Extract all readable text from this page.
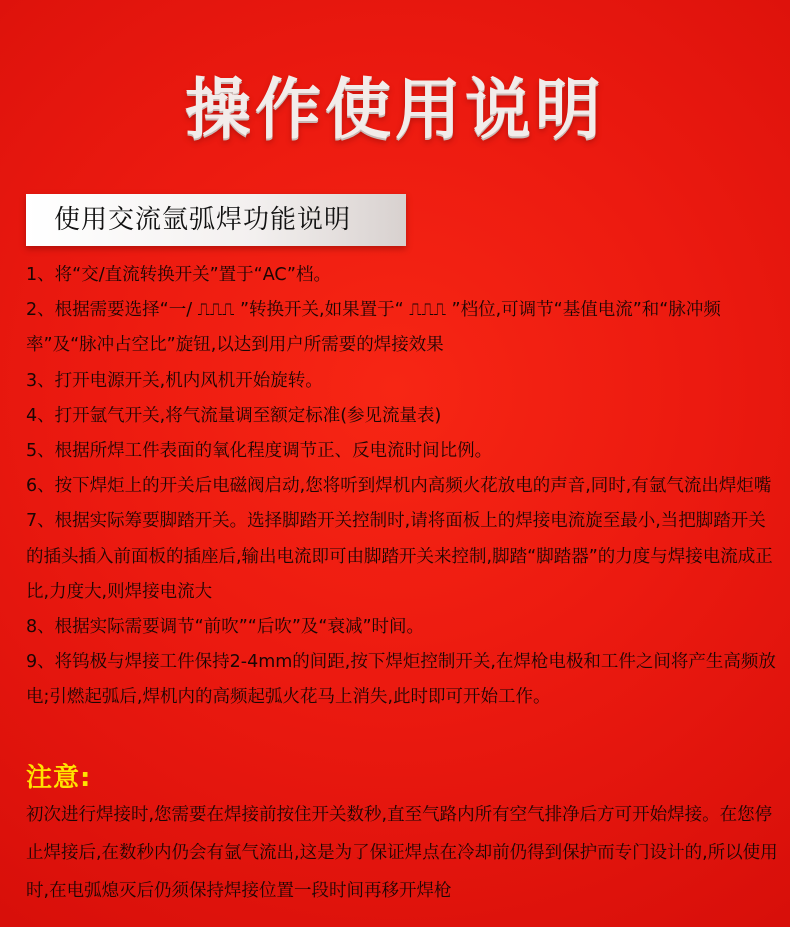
操作使用说明
使用交流氩弧焊功能说明
1、将“交/直流转换开关”置于“AC”档。
2、根据需要选择“一/ ⎍⎍⎍ ”转换开关,如果置于“ ⎍⎍⎍ ”档位,可调节“基值电流”和“脉冲频率”及“脉冲占空比”旋钮,以达到用户所需要的焊接效果
3、打开电源开关,机内风机开始旋转。
4、打开氩气开关,将气流量调至额定标准(参见流量表)
5、根据所焊工件表面的氧化程度调节正、反电流时间比例。
6、按下焊炬上的开关后电磁阀启动,您将听到焊机内高频火花放电的声音,同时,有氩气流出焊炬嘴
7、根据实际筹要脚踏开关。选择脚踏开关控制时,请将面板上的焊接电流旋至最小,当把脚踏开关的插头插入前面板的插座后,输出电流即可由脚踏开关来控制,脚踏“脚踏器”的力度与焊接电流成正比,力度大,则焊接电流大
8、根据实际需要调节“前吹”“后吹”及“衰减”时间。
9、将钨极与焊接工件保持2-4mm的间距,按下焊炬控制开关,在焊枪电极和工件之间将产生高频放电;引燃起弧后,焊机内的高频起弧火花马上消失,此时即可开始工作。
注意:

初次进行焊接时,您需要在焊接前按住开关数秒,直至气路内所有空气排净后方可开始焊接。在您停止焊接后,在数秒内仍会有氩气流出,这是为了保证焊点在冷却前仍得到保护而专门设计的,所以使用时,在电弧熄灭后仍须保持焊接位置一段时间再移开焊枪
